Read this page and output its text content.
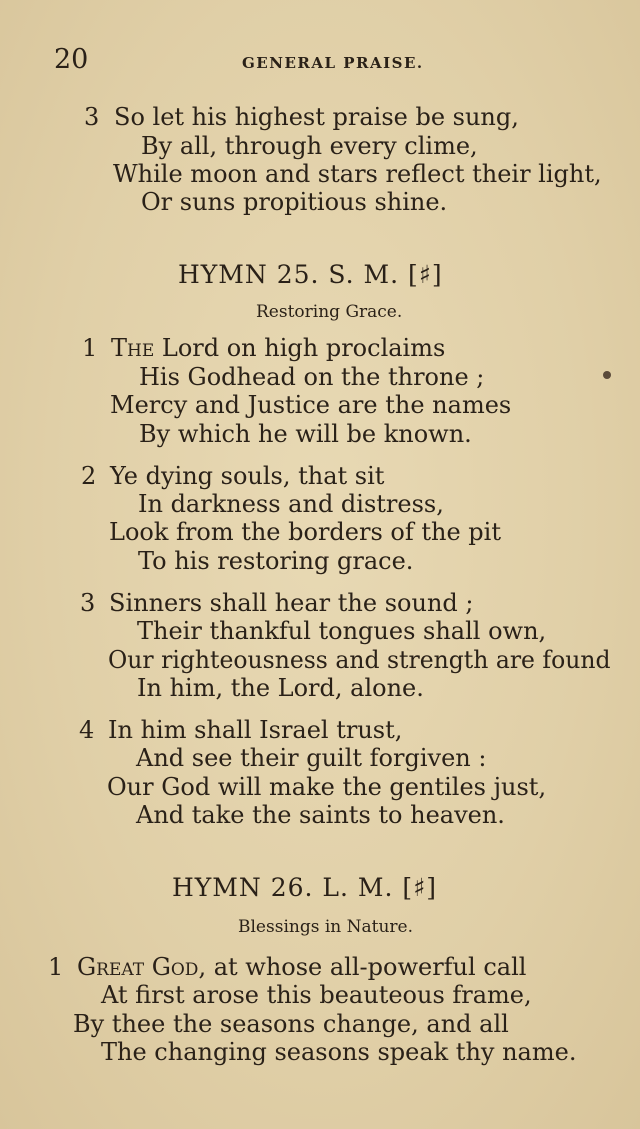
20	GENERAL PRAISE.
3 So let his highest praise be sung,
By all, through every clime,
While moon and stars reflect their light,
Or suns propitious shine.
HYMN 25. S. M. [♯]
Restoring Grace.
1 The Lord on high proclaims
His Godhead on the throne ;
Mercy and Justice are the names
By which he will be known.
2 Ye dying souls, that sit
In darkness and distress,
Look from the borders of the pit
To his restoring grace.
3 Sinners shall hear the sound ;
Their thankful tongues shall own,
Our righteousness and strength are found
In him, the Lord, alone.
4 In him shall Israel trust,
And see their guilt forgiven :
Our God will make the gentiles just,
And take the saints to heaven.
HYMN 26. L. M. [♯]
Blessings in Nature.
1 Great God, at whose all-powerful call
At first arose this beauteous frame,
By thee the seasons change, and all
The changing seasons speak thy name.
